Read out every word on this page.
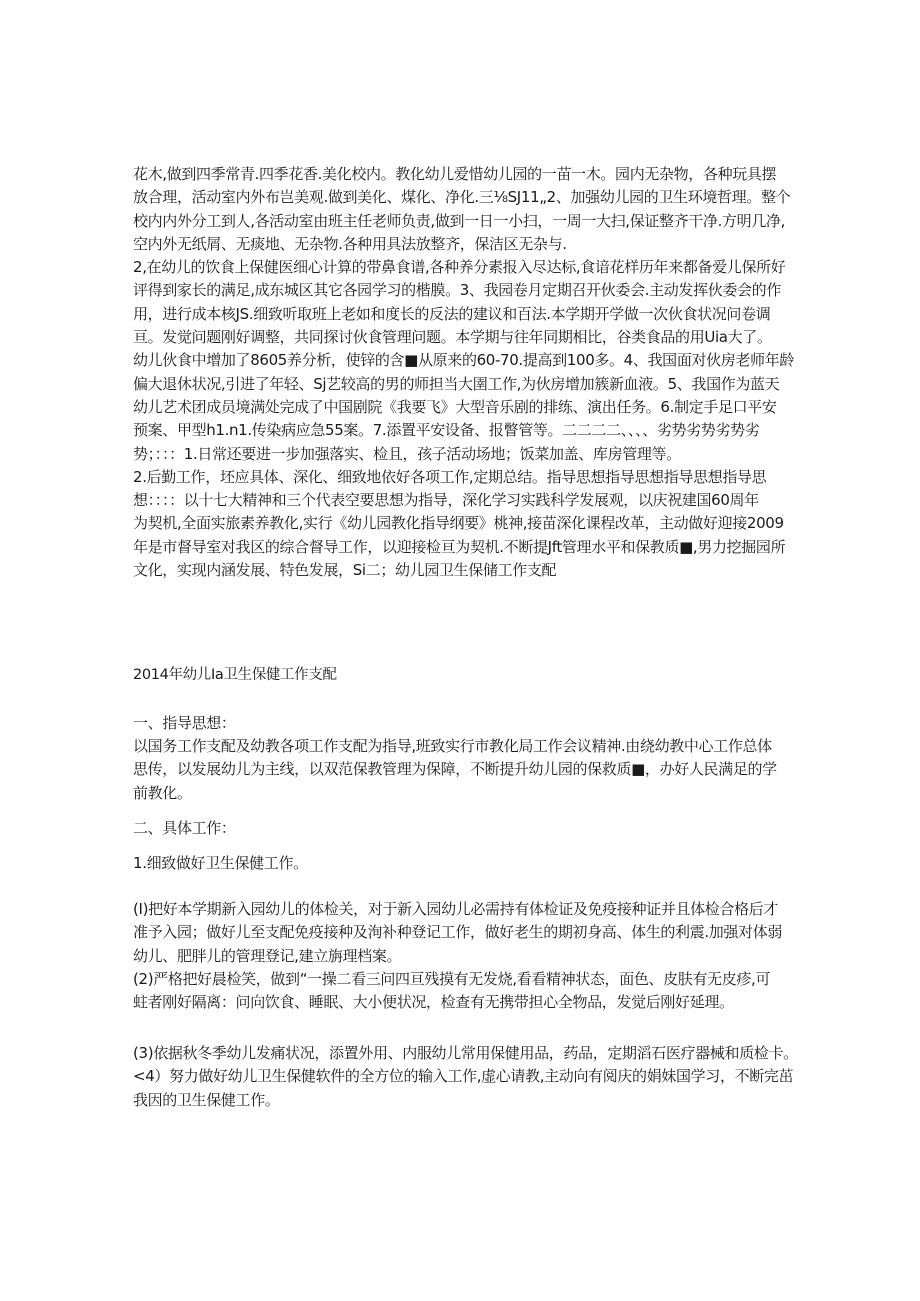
花木,做到四季常青.四季花香.美化校内。教化幼儿爱惜幼儿园的一苗一木。园内无杂物，各种玩具摆
放合理，活动室内外布岂美观.做到美化、煤化、净化.三⅛SJ11„2、加强幼儿园的卫生环境哲理。整个
校内内外分工到人,各活动室由班主任老师负责,做到一日一小扫，一周一大扫,保证整齐干净.方明几净,
空内外无纸屑、无痰地、无杂物.各种用具法放整齐，保洁区无杂与.
2,在幼儿的饮食上保健医细心计算的带鼻食谱,各种养分素报入尽达标,食谙花样历年来都备爱儿保所好
评得到家长的满足,成东城区其它各园学习的楷膜。3、我园卷月定期召开伙委会.主动发挥伙委会的作
用，进行成本核JS.细致听取班上老如和度长的反法的建议和百法.本学期开学做一次伙食状况问卷调
亘。发觉问题刚好调整，共同探讨伙食管理问题。本学期与往年同期相比，谷类食品的用Uia大了。
幼儿伙食中增加了8605养分析，使锌的含■从原来的60-70.提高到100多。4、我国面对伙房老师年龄
偏大退休状况,引进了年轻、Sj艺较高的男的师担当大圉工作,为伙房增加簇新血液。5、我国作为蓝天
幼儿艺术团成员境满处完成了中国剧院《我要飞》大型音乐剧的排练、演出任务。6.制定手足口平安
预案、甲型h1.n1.传染病应急55案。7.添置平安设备、报瞥管等。二二二二、、、、劣势劣势劣势劣
势；：：：1.日常还要进一步加强落实、检且，孩子活动场地；饭菜加盖、库房管理等。
2.后勤工作，坯应具体、深化、细致地依好各项工作,定期总结。指导思想指导思想指导思想指导思
想：：：：以十七大精神和三个代表空要思想为指导，深化学习实践科学发展观，以庆祝建国60周年
为契机,全面实旅素养教化,实行《幼儿园教化指导纲要》桃神,接苗深化课程改革，主动做好迎接2009
年是市督导室对我区的综合督导工作，以迎接检亘为契机.不断提Jft管理水平和保教质■,男力挖掘园所
文化，实现内涵发展、特色发展，Si二；幼儿园卫生保储工作支配
2014年幼儿Ia卫生保健工作支配
一、指导思想：
以国务工作支配及幼教各项工作支配为指导,班致实行市教化局工作会议精神.由绕幼教中心工作总体
思传，以发展幼儿为主线，以双范保教管理为保障，不断提升幼儿园的保救质■，办好人民满足的学
前教化。
二、具体工作：
1.细致做好卫生保健工作。
(I)把好本学期新入园幼儿的体检关，对于新入园幼儿必需持有体检证及免疫接种证并且体检合格后才
准予入园；做好儿至支配免疫接种及洵补种登记工作，做好老生的期初身高、体生的利震.加强对体弱
幼儿、肥胖儿的管理登记,建立旃理档案。
(2)严格把好晨检笑，做到“一操二看三问四亘残摸有无发烧,看看精神状态，面色、皮肤有无皮疹,可
蛀者刚好隔离：问向饮食、睡眠、大小便状况，检查有无携带担心全物品，发觉后刚好延理。
(3)依据秋冬季幼儿发痛状况，添置外用、内服幼儿常用保健用品，药品，定期滔石医疗器械和质检卡。
<4）努力做好幼儿卫生保健软件的全方位的输入工作,虚心请教,主动向有阅庆的娟妹国学习，不断完茁
我因的卫生保健工作。
